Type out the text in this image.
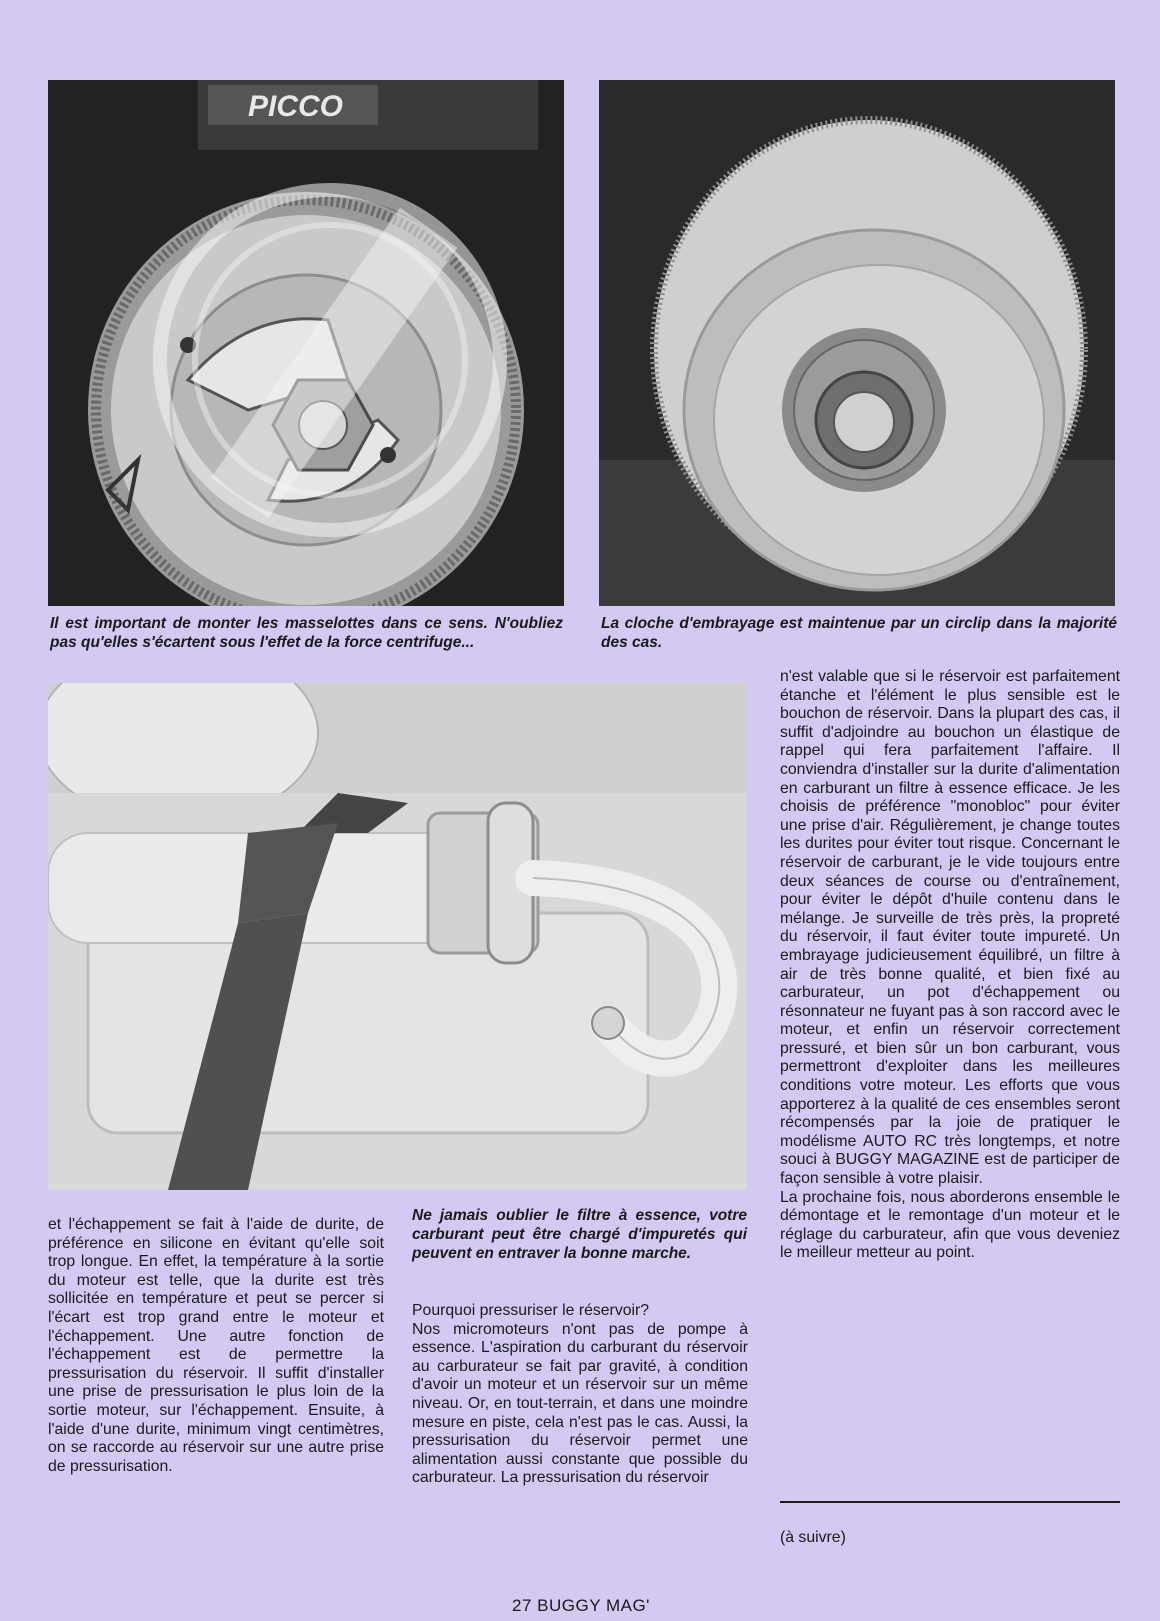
PICCO

Il est important de monter les masselottes dans ce sens. N'oubliez pas qu'elles s'écartent sous l'effet de la force centrifuge...

La cloche d'embrayage est maintenue par un circlip dans la majorité des cas.

Ne jamais oublier le filtre à essence, votre carburant peut être chargé d'impuretés qui peuvent en entraver la bonne marche.

et l'échappement se fait à l'aide de durite, de préférence en silicone en évitant qu'elle soit trop longue. En effet, la température à la sortie du moteur est telle, que la durite est très sollicitée en température et peut se percer si l'écart est trop grand entre le moteur et l'échappement. Une autre fonction de l'échappement est de permettre la pressurisation du réservoir. Il suffit d'installer une prise de pressurisation le plus loin de la sortie moteur, sur l'échappement. Ensuite, à l'aide d'une durite, minimum vingt centimètres, on se raccorde au réservoir sur une autre prise de pressurisation.

Pourquoi pressuriser le réservoir?

Nos micromoteurs n'ont pas de pompe à essence. L'aspiration du carburant du réservoir au carburateur se fait par gravité, à condition d'avoir un moteur et un réservoir sur un même niveau. Or, en tout-terrain, et dans une moindre mesure en piste, cela n'est pas le cas. Aussi, la pressurisation du réservoir permet une alimentation aussi constante que possible du carburateur. La pressurisation du réservoir

n'est valable que si le réservoir est parfaitement étanche et l'élément le plus sensible est le bouchon de réservoir. Dans la plupart des cas, il suffit d'adjoindre au bouchon un élastique de rappel qui fera parfaitement l'affaire. Il conviendra d'installer sur la durite d'alimentation en carburant un filtre à essence efficace. Je les choisis de préférence "monobloc" pour éviter une prise d'air. Régulièrement, je change toutes les durites pour éviter tout risque. Concernant le réservoir de carburant, je le vide toujours entre deux séances de course ou d'entraînement, pour éviter le dépôt d'huile contenu dans le mélange. Je surveille de très près, la propreté du réservoir, il faut éviter toute impureté. Un embrayage judicieusement équilibré, un filtre à air de très bonne qualité, et bien fixé au carburateur, un pot d'échappement ou résonnateur ne fuyant pas à son raccord avec le moteur, et enfin un réservoir correctement pressuré, et bien sûr un bon carburant, vous permettront d'exploiter dans les meilleures conditions votre moteur. Les efforts que vous apporterez à la qualité de ces ensembles seront récompensés par la joie de pratiquer le modélisme AUTO RC très longtemps, et notre souci à BUGGY MAGAZINE est de participer de façon sensible à votre plaisir.

La prochaine fois, nous aborderons ensemble le démontage et le remontage d'un moteur et le réglage du carburateur, afin que vous deveniez le meilleur metteur au point.

(à suivre)
27 BUGGY MAG'
